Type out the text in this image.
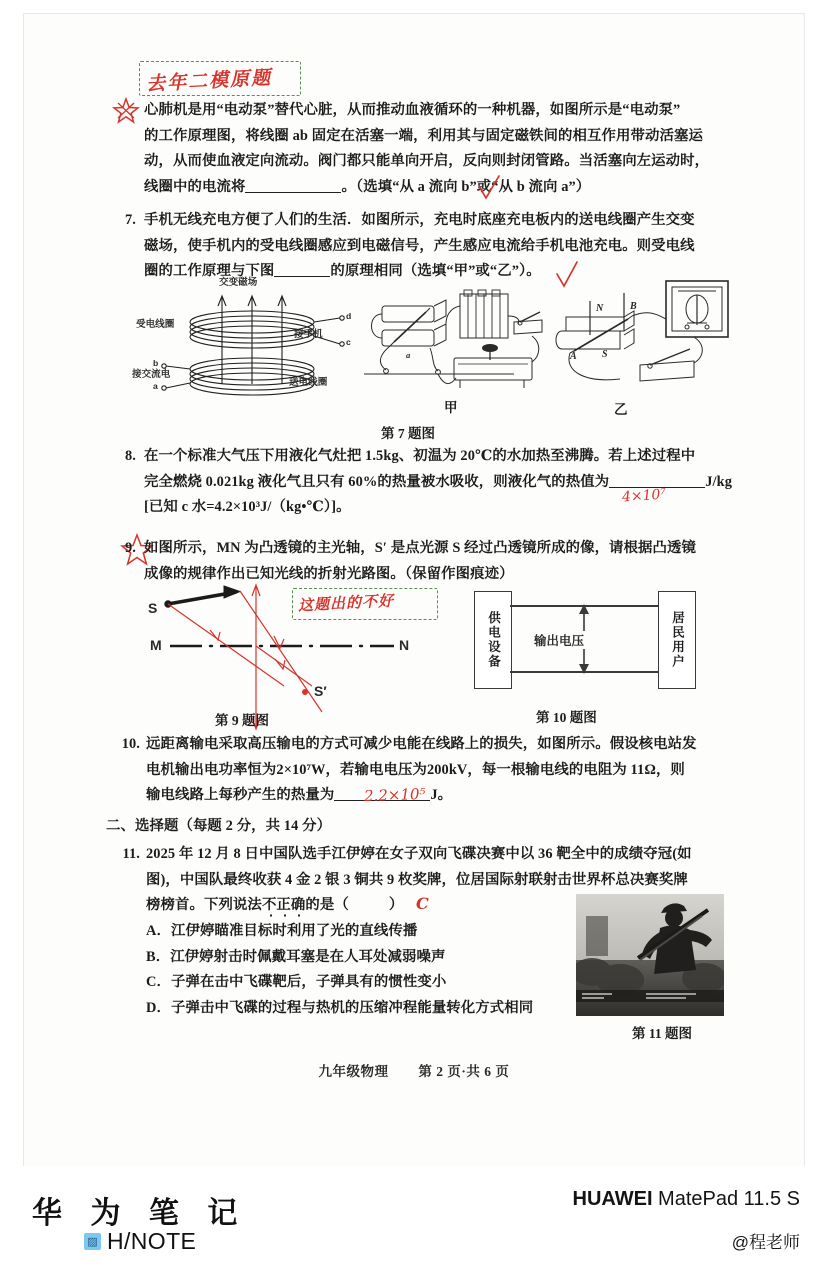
去年二模原题
心肺机是用“电动泵”替代心脏，从而推动血液循环的一种机器，如图所示是“电动泵”
的工作原理图，将线圈 ab 固定在活塞一端，利用其与固定磁铁间的相互作用带动活塞运
动，从而使血液定向流动。阀门都只能单向开启，反向则封闭管路。当活塞向左运动时，
线圈中的电流将	。（选填“从 a 流向 b”或“从 b 流向 a”）
7. 手机无线充电方便了人们的生活．如图所示，充电时底座充电板内的送电线圈产生交变
磁场，使手机内的受电线圈感应到电磁信号，产生感应电流给手机电池充电。则受电线
圈的工作原理与下图	的原理相同（选填“甲”或“乙”）。
交变磁场
受电线圈
接交流电
接手机
送电线圈
d
c
b
a
a
甲
N
S
A
B
乙
第 7 题图
8. 在一个标准大气压下用液化气灶把 1.5kg、初温为 20℃的水加热至沸腾。若上述过程中
完全燃烧 0.021kg 液化气且只有 60%的热量被水吸收，则液化气的热值为	J/kg
[已知 c 水=4.2×10³J/（kg•℃）]。
4×10⁷
9. 如图所示，MN 为凸透镜的主光轴，S′ 是点光源 S 经过凸透镜所成的像，请根据凸透镜
成像的规律作出已知光线的折射光路图。（保留作图痕迹）
S
M	N
S′
第 9 题图
这题出的不好
供电设备	居民用户
输出电压
第 10 题图
10. 远距离输电采取高压输电的方式可减少电能在线路上的损失，如图所示。假设核电站发
电机输出电功率恒为2×10⁷W，若输电电压为200kV，每一根输电线的电阻为 11Ω，则
输电线路上每秒产生的热量为	J。
2.2×10⁵
二、选择题（每题 2 分，共 14 分）
11. 2025 年 12 月 8 日中国队选手江伊婷在女子双向飞碟决赛中以 36 靶全中的成绩夺冠(如
图)，中国队最终收获 4 金 2 银 3 铜共 9 枚奖牌，位居国际射联射击世界杯总决赛奖牌
榜榜首。下列说法不正确的是（	） C
A．江伊婷瞄准目标时利用了光的直线传播
B．江伊婷射击时佩戴耳塞是在人耳处减弱噪声
C．子弹在击中飞碟靶后，子弹具有的惯性变小
D．子弹击中飞碟的过程与热机的压缩冲程能量转化方式相同
第 11 题图
九年级物理 第 2 页·共 6 页
华 为 笔 记
▨ H/NOTE
HUAWEI MatePad 11.5 S
@程老师
